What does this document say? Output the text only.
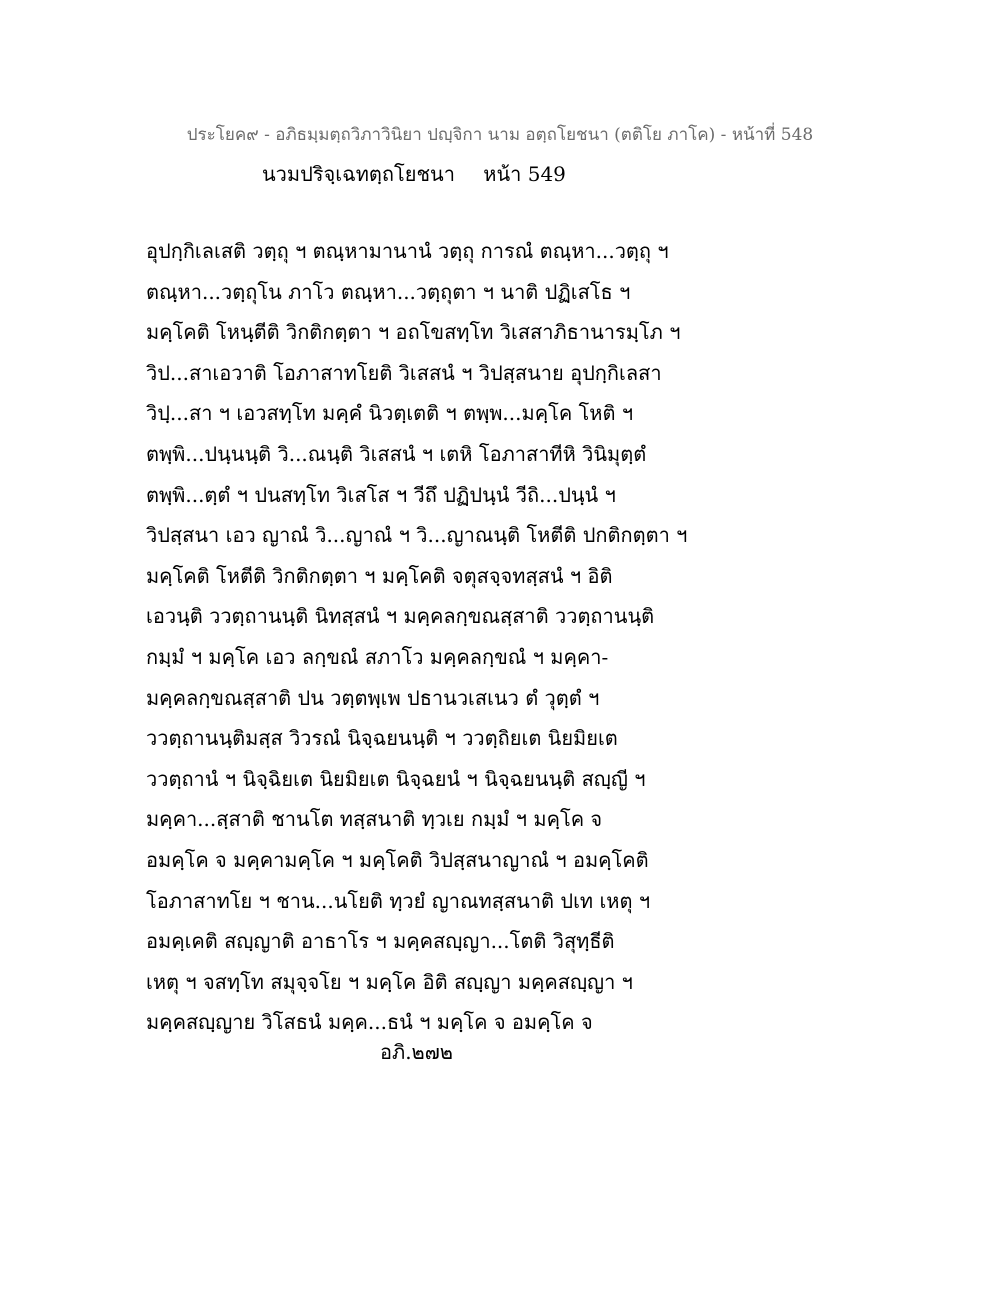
ประโยค๙ - อภิธมฺมตฺถวิภาวินิยา ปญฺจิกา นาม อตฺถโยชนา (ตติโย ภาโค) - หน้าที่ 548
นวมปริจฺเฉทตฺถโยชนา หน้า 549
อุปกฺกิเลเสติ วตฺถุ ฯ ตณฺหามานานํ วตฺถุ การณํ ตณฺหา...วตฺถุ ฯ
ตณฺหา...วตฺถุโน ภาโว ตณฺหา...วตฺถุตา ฯ นาติ ปฏิเสโธ ฯ
มคฺโคติ โหนฺตีติ วิกติกตฺตา ฯ อถโขสทฺโท วิเสสาภิธานารมฺโภ ฯ
วิป...สาเอวาติ โอภาสาทโยติ วิเสสนํ ฯ วิปสฺสนาย อุปกฺกิเลสา
วิปฺ...สา ฯ เอวสทฺโท มคฺคํ นิวตฺเตติ ฯ ตพฺพ...มคฺโค โหติ ฯ
ตพฺพิ...ปนฺนนฺติ วิ...ณนฺติ วิเสสนํ ฯ เตหิ โอภาสาทีหิ วินิมุตฺตํ
ตพฺพิ...ตฺตํ ฯ ปนสทฺโท วิเสโส ฯ วีถึ ปฏิปนฺนํ วีถิ...ปนฺนํ ฯ
วิปสฺสนา เอว ญาณํ วิ...ญาณํ ฯ วิ...ญาณนฺติ โหตีติ ปกติกตฺตา ฯ
มคฺโคติ โหตีติ วิกติกตฺตา ฯ มคฺโคติ จตุสจฺจทสฺสนํ ฯ อิติ
เอวนฺติ ววตฺถานนฺติ นิทสฺสนํ ฯ มคฺคลกฺขณสฺสาติ ววตฺถานนฺติ
กมฺมํ ฯ มคฺโค เอว ลกฺขณํ สภาโว มคฺคลกฺขณํ ฯ มคฺคา-
มคฺคลกฺขณสฺสาติ ปน วตฺตพฺเพ ปธานวเสเนว ตํ วุตฺตํ ฯ
ววตฺถานนฺติมสฺส วิวรณํ นิจฺฉยนนฺติ ฯ ววตฺถิยเต นิยมิยเต
ววตฺถานํ ฯ นิจฺฉิยเต นิยมิยเต นิจฺฉยนํ ฯ นิจฺฉยนนฺติ สญฺญี ฯ
มคฺคา...สฺสาติ ชานโต ทสฺสนาติ ทฺวเย กมฺมํ ฯ มคฺโค จ
อมคฺโค จ มคฺคามคฺโค ฯ มคฺโคติ วิปสฺสนาญาณํ ฯ อมคฺโคติ
โอภาสาทโย ฯ ชาน...นโยติ ทฺวยํ ญาณทสฺสนาติ ปเท เหตุ ฯ
อมคฺเคติ สญฺญาติ อาธาโร ฯ มคฺคสญฺญา...โตติ วิสุทฺธีติ
เหตุ ฯ จสทฺโท สมุจฺจโย ฯ มคฺโค อิติ สญฺญา มคฺคสญฺญา ฯ
มคฺคสญฺญาย วิโสธนํ มคฺค...ธนํ ฯ มคฺโค จ อมคฺโค จ
อภิ.๒๗๒
